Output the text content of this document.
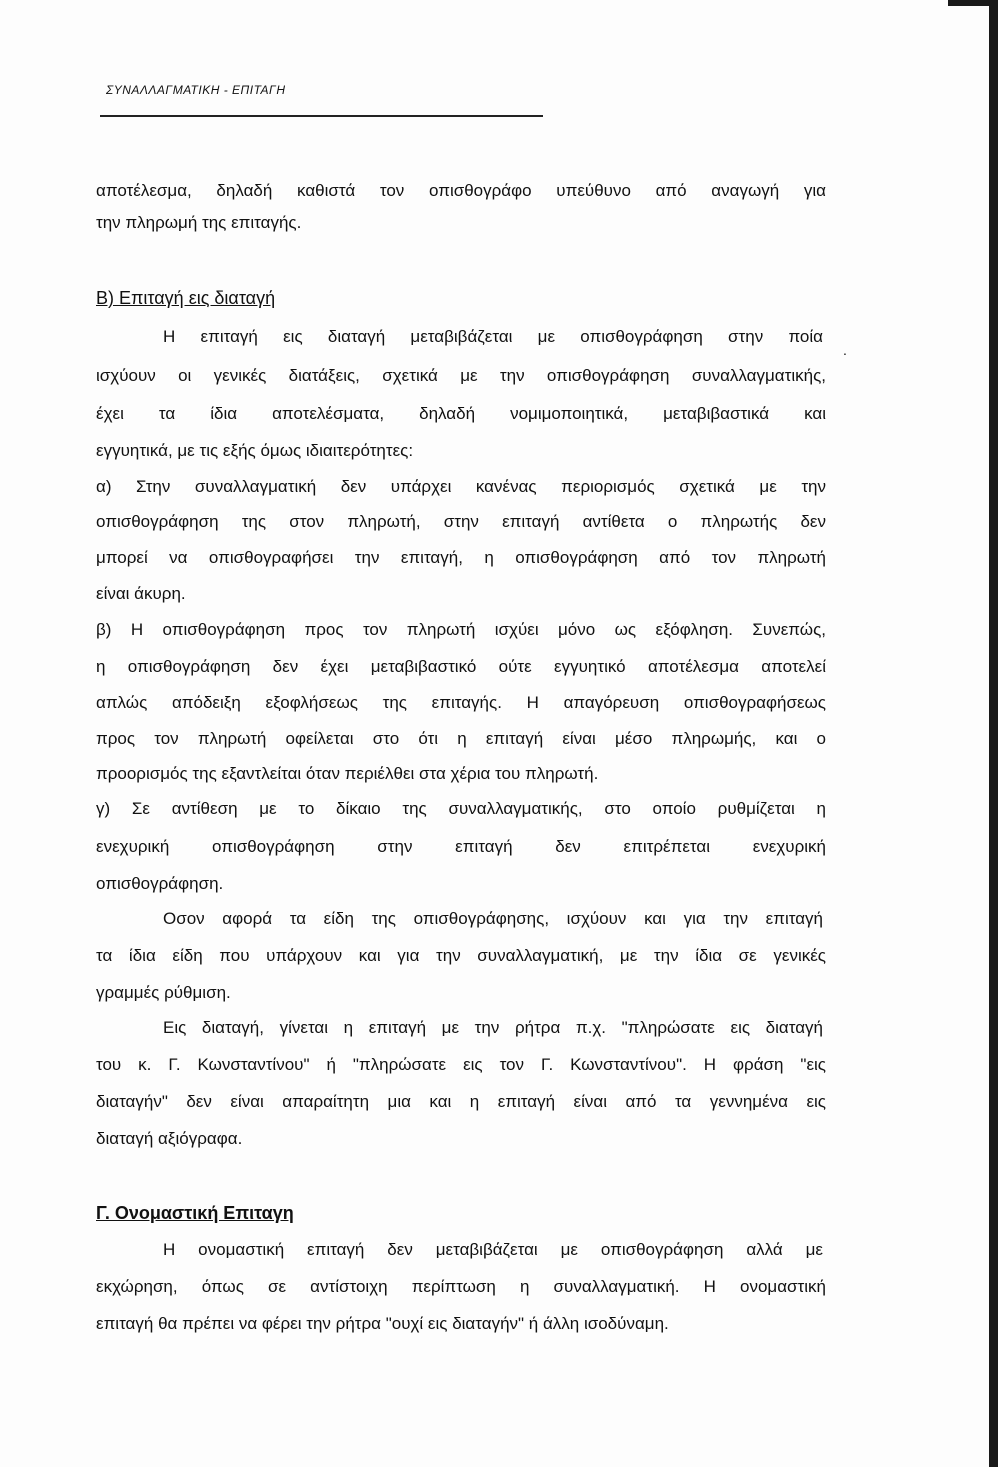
ΣΥΝΑΛΛΑΓΜΑΤΙΚΗ - ΕΠΙΤΑΓΗ
αποτέλεσμα, δηλαδή καθιστά τον οπισθογράφο υπεύθυνο από αναγωγή για
την πληρωμή της επιταγής.
Β) Επιταγή εις διαταγή
Η επιταγή εις διαταγή μεταβιβάζεται με οπισθογράφηση στην ποία
.
ισχύουν οι γενικές διατάξεις, σχετικά με την οπισθογράφηση συναλλαγματικής,
έχει τα ίδια αποτελέσματα, δηλαδή νομιμοποιητικά, μεταβιβαστικά και
εγγυητικά, με τις εξής όμως ιδιαιτερότητες:
α) Στην συναλλαγματική δεν υπάρχει κανένας περιορισμός σχετικά με την
οπισθογράφηση της στον πληρωτή, στην επιταγή αντίθετα ο πληρωτής δεν
μπορεί να οπισθογραφήσει την επιταγή, η οπισθογράφηση από τον πληρωτή
είναι άκυρη.
β) Η οπισθογράφηση προς τον πληρωτή ισχύει μόνο ως εξόφληση. Συνεπώς,
η οπισθογράφηση δεν έχει μεταβιβαστικό ούτε εγγυητικό αποτέλεσμα αποτελεί
απλώς απόδειξη εξοφλήσεως της επιταγής. Η απαγόρευση οπισθογραφήσεως
προς τον πληρωτή οφείλεται στο ότι η επιταγή είναι μέσο πληρωμής, και ο
προορισμός της εξαντλείται όταν περιέλθει στα χέρια του πληρωτή.
γ) Σε αντίθεση με το δίκαιο της συναλλαγματικής, στο οποίο ρυθμίζεται η
ενεχυρική οπισθογράφηση στην επιταγή δεν επιτρέπεται ενεχυρική
οπισθογράφηση.
Οσον αφορά τα είδη της οπισθογράφησης, ισχύουν και για την επιταγή
τα ίδια είδη που υπάρχουν και για την συναλλαγματική, με την ίδια σε γενικές
γραμμές ρύθμιση.
Εις διαταγή, γίνεται η επιταγή με την ρήτρα π.χ. "πληρώσατε εις διαταγή
του κ. Γ. Κωνσταντίνου" ή "πληρώσατε εις τον Γ. Κωνσταντίνου". Η φράση "εις
διαταγήν" δεν είναι απαραίτητη μια και η επιταγή είναι από τα γεννημένα εις
διαταγή αξιόγραφα.
Γ. Ονομαστική Επιταγη
Η ονομαστική επιταγή δεν μεταβιβάζεται με οπισθογράφηση αλλά με
εκχώρηση, όπως σε αντίστοιχη περίπτωση η συναλλαγματική. Η ονομαστική
επιταγή θα πρέπει να φέρει την ρήτρα "ουχί εις διαταγήν" ή άλλη ισοδύναμη.
